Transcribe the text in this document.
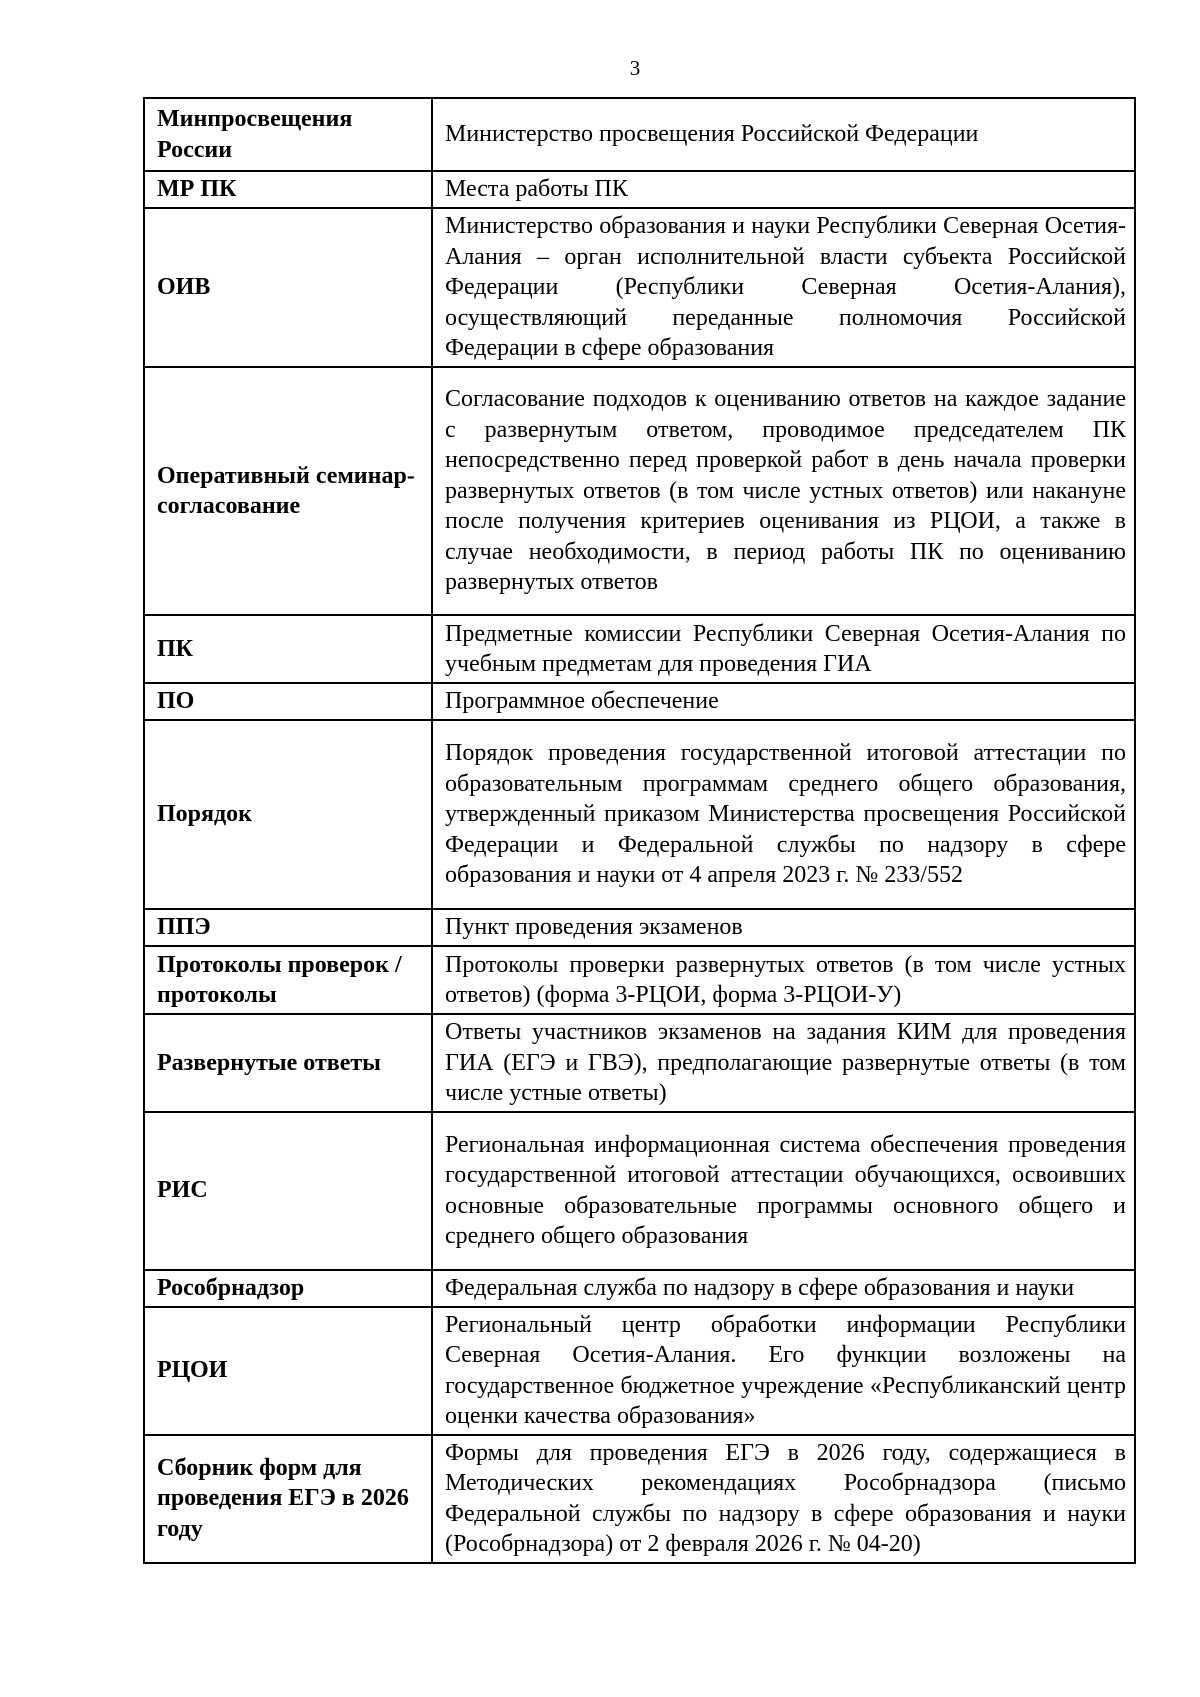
3
Минпросвещения России	Министерство просвещения Российской Федерации
МР ПК	Места работы ПК
ОИВ	Министерство образования и науки Республики Северная Осетия-Алания – орган исполнительной власти субъекта Российской Федерации (Республики Северная Осетия-Алания), осуществляющий переданные полномочия Российской Федерации в сфере образования
Оперативный семинар-согласование	Согласование подходов к оцениванию ответов на каждое задание с развернутым ответом, проводимое председателем ПК непосредственно перед проверкой работ в день начала проверки развернутых ответов (в том числе устных ответов) или накануне после получения критериев оценивания из РЦОИ, а также в случае необходимости, в период работы ПК по оцениванию развернутых ответов
ПК	Предметные комиссии Республики Северная Осетия-Алания по учебным предметам для проведения ГИА
ПО	Программное обеспечение
Порядок	Порядок проведения государственной итоговой аттестации по образовательным программам среднего общего образования, утвержденный приказом Министерства просвещения Российской Федерации и Федеральной службы по надзору в сфере образования и науки от 4 апреля 2023 г. № 233/552
ППЭ	Пункт проведения экзаменов
Протоколы проверок / протоколы	Протоколы проверки развернутых ответов (в том числе устных ответов) (форма 3-РЦОИ, форма 3-РЦОИ-У)
Развернутые ответы	Ответы участников экзаменов на задания КИМ для проведения ГИА (ЕГЭ и ГВЭ), предполагающие развернутые ответы (в том числе устные ответы)
РИС	Региональная информационная система обеспечения проведения государственной итоговой аттестации обучающихся, освоивших основные образовательные программы основного общего и среднего общего образования
Рособрнадзор	Федеральная служба по надзору в сфере образования и науки
РЦОИ	Региональный центр обработки информации Республики Северная Осетия-Алания. Его функции возложены на государственное бюджетное учреждение «Республиканский центр оценки качества образования»
Сборник форм для проведения ЕГЭ в 2026 году	Формы для проведения ЕГЭ в 2026 году, содержащиеся в Методических рекомендациях Рособрнадзора (письмо Федеральной службы по надзору в сфере образования и науки (Рособрнадзора) от 2 февраля 2026 г. № 04-20)
